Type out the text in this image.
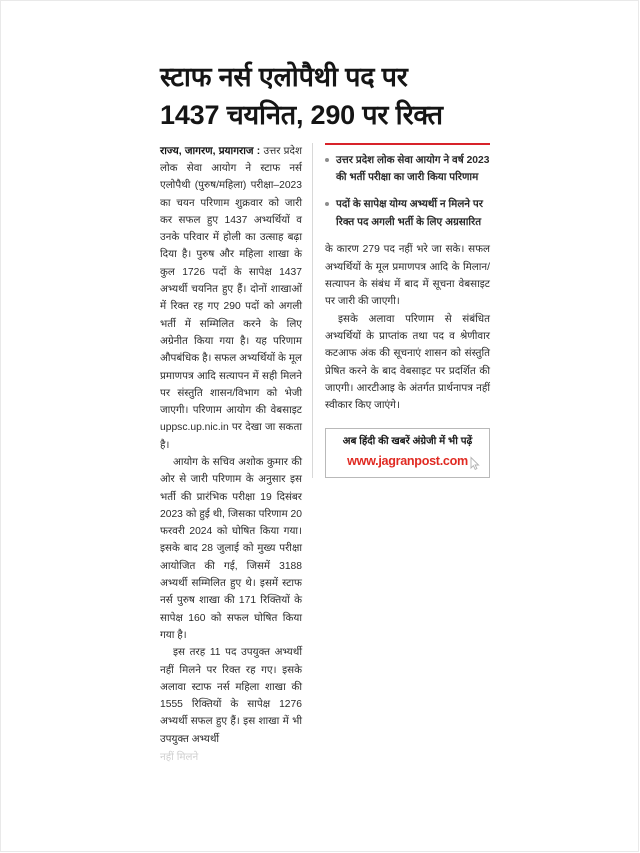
स्टाफ नर्स एलोपैथी पद पर
1437 चयनित, 290 पर रिक्त

राज्य, जागरण, प्रयागराज : उत्तर प्रदेश लोक सेवा आयोग ने स्टाफ नर्स एलोपैथी (पुरुष/महिला) परीक्षा–2023 का चयन परिणाम शुक्रवार को जारी कर सफल हुए 1437 अभ्यर्थियों व उनके परिवार में होली का उत्साह बढ़ा दिया है। पुरुष और महिला शाखा के कुल 1726 पदों के सापेक्ष 1437 अभ्यर्थी चयनित हुए हैं। दोनों शाखाओं में रिक्त रह गए 290 पदों को अगली भर्ती में सम्मिलित करने के लिए अग्रेनीत किया गया है। यह परिणाम औपबंधिक है। सफल अभ्यर्थियों के मूल प्रमाणपत्र आदि सत्यापन में सही मिलने पर संस्तुति शासन/विभाग को भेजी जाएगी। परिणाम आयोग की वेबसाइट uppsc.up.nic.in पर देखा जा सकता है।

आयोग के सचिव अशोक कुमार की ओर से जारी परिणाम के अनुसार इस भर्ती की प्रारंभिक परीक्षा 19 दिसंबर 2023 को हुई थी, जिसका परिणाम 20 फरवरी 2024 को घोषित किया गया। इसके बाद 28 जुलाई को मुख्य परीक्षा आयोजित की गई, जिसमें 3188 अभ्यर्थी सम्मिलित हुए थे। इसमें स्टाफ नर्स पुरुष शाखा की 171 रिक्तियों के सापेक्ष 160 को सफल घोषित किया गया है।

इस तरह 11 पद उपयुक्त अभ्यर्थी नहीं मिलने पर रिक्त रह गए। इसके अलावा स्टाफ नर्स महिला शाखा की 1555 रिक्तियों के सापेक्ष 1276 अभ्यर्थी सफल हुए हैं। इस शाखा में भी उपयुक्त अभ्यर्थी

नहीं मिलने
उत्तर प्रदेश लोक सेवा आयोग ने वर्ष 2023 की भर्ती परीक्षा का जारी किया परिणाम
पदों के सापेक्ष योग्य अभ्यर्थी न मिलने पर रिक्त पद अगली भर्ती के लिए अग्रसारित

के कारण 279 पद नहीं भरे जा सके। सफल अभ्यर्थियों के मूल प्रमाणपत्र आदि के मिलान/सत्यापन के संबंध में बाद में सूचना वेबसाइट पर जारी की जाएगी।

इसके अलावा परिणाम से संबंधित अभ्यर्थियों के प्राप्तांक तथा पद व श्रेणीवार कटआफ अंक की सूचनाएं शासन को संस्तुति प्रेषित करने के बाद वेबसाइट पर प्रदर्शित की जाएगी। आरटीआइ के अंतर्गत प्रार्थनापत्र नहीं स्वीकार किए जाएंगे।

अब हिंदी की खबरें अंग्रेजी में भी पढ़ें
www.jagranpost.com
